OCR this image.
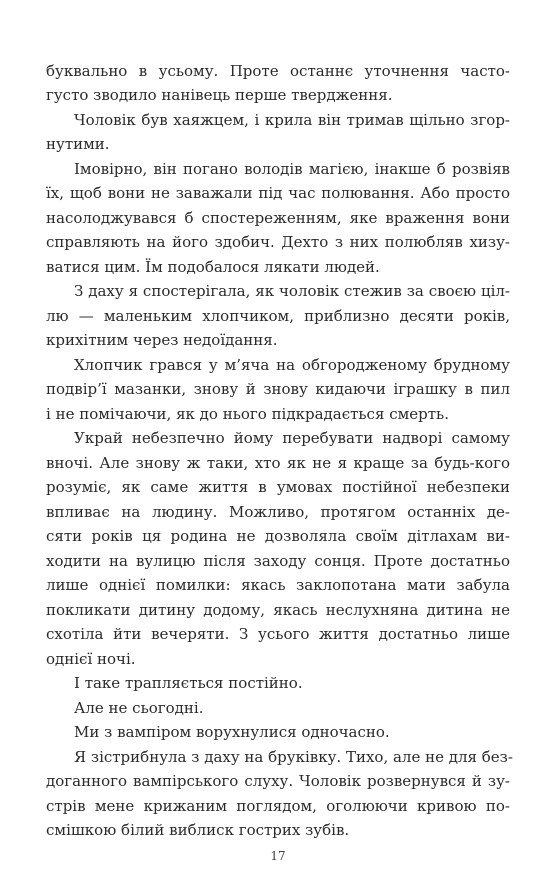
буквально в усьому. Проте останнє уточнення часто-
густо зводило нанівець перше твердження.
Чоловік був хаяжцем, і крила він тримав щільно згор-
нутими.
Імовірно, він погано володів магією, інакше б розвіяв
їх, щоб вони не заважали під час полювання. Або просто
насолоджувався б спостереженням, яке враження вони
справляють на його здобич. Дехто з них полюбляв хизу-
ватися цим. Їм подобалося лякати людей.
З даху я спостерігала, як чоловік стежив за своєю ціл-
лю — маленьким хлопчиком, приблизно десяти років,
крихітним через недоїдання.
Хлопчик грався у м’яча на обгородженому брудному
подвір’ї мазанки, знову й знову кидаючи іграшку в пил
і не помічаючи, як до нього підкрадається смерть.
Украй небезпечно йому перебувати надворі самому
вночі. Але знову ж таки, хто як не я краще за будь-кого
розуміє, як саме життя в умовах постійної небезпеки
впливає на людину. Можливо, протягом останніх де-
сяти років ця родина не дозволяла своїм дітлахам ви-
ходити на вулицю після заходу сонця. Проте достатньо
лише однієї помилки: якась заклопотана мати забула
покликати дитину додому, якась неслухняна дитина не
схотіла йти вечеряти. З усього життя достатньо лише
однієї ночі.
І таке трапляється постійно.
Але не сьогодні.
Ми з вампіром ворухнулися одночасно.
Я зістрибнула з даху на бруківку. Тихо, але не для без-
доганного вампірського слуху. Чоловік розвернувся й зу-
стрів мене крижаним поглядом, оголюючи кривою по-
смішкою білий виблиск гострих зубів.
17
